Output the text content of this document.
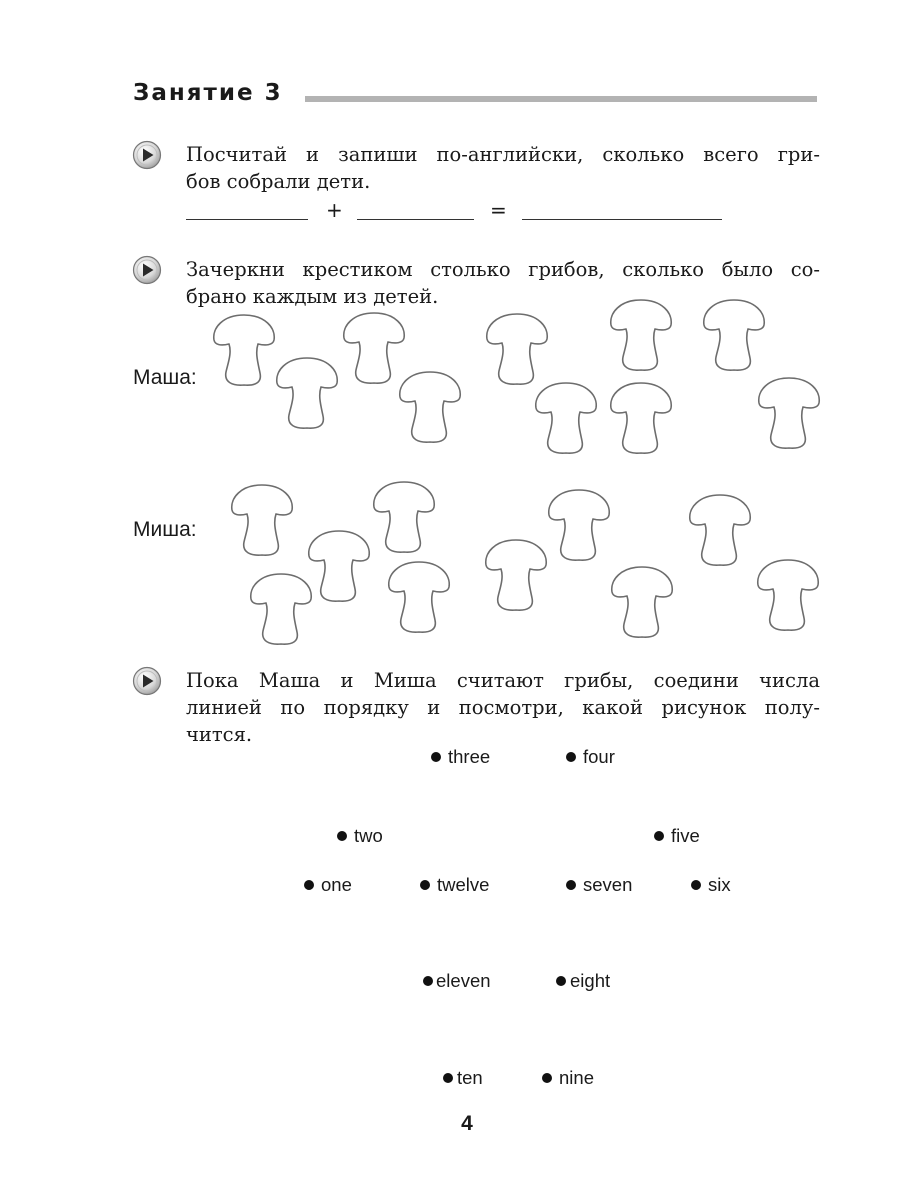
Занятие 3
Посчитай и запиши по-английски, сколько всего гри-
бов собрали дети.
+	=
Зачеркни крестиком столько грибов, сколько было со-
брано каждым из детей.
Маша:
Миша:
Пока Маша и Миша считают грибы, соедини числа
линией по порядку и посмотри, какой рисунок полу-
чится.
three	four
two	five
one	twelve	seven	six
eleven	eight
ten	nine
4
